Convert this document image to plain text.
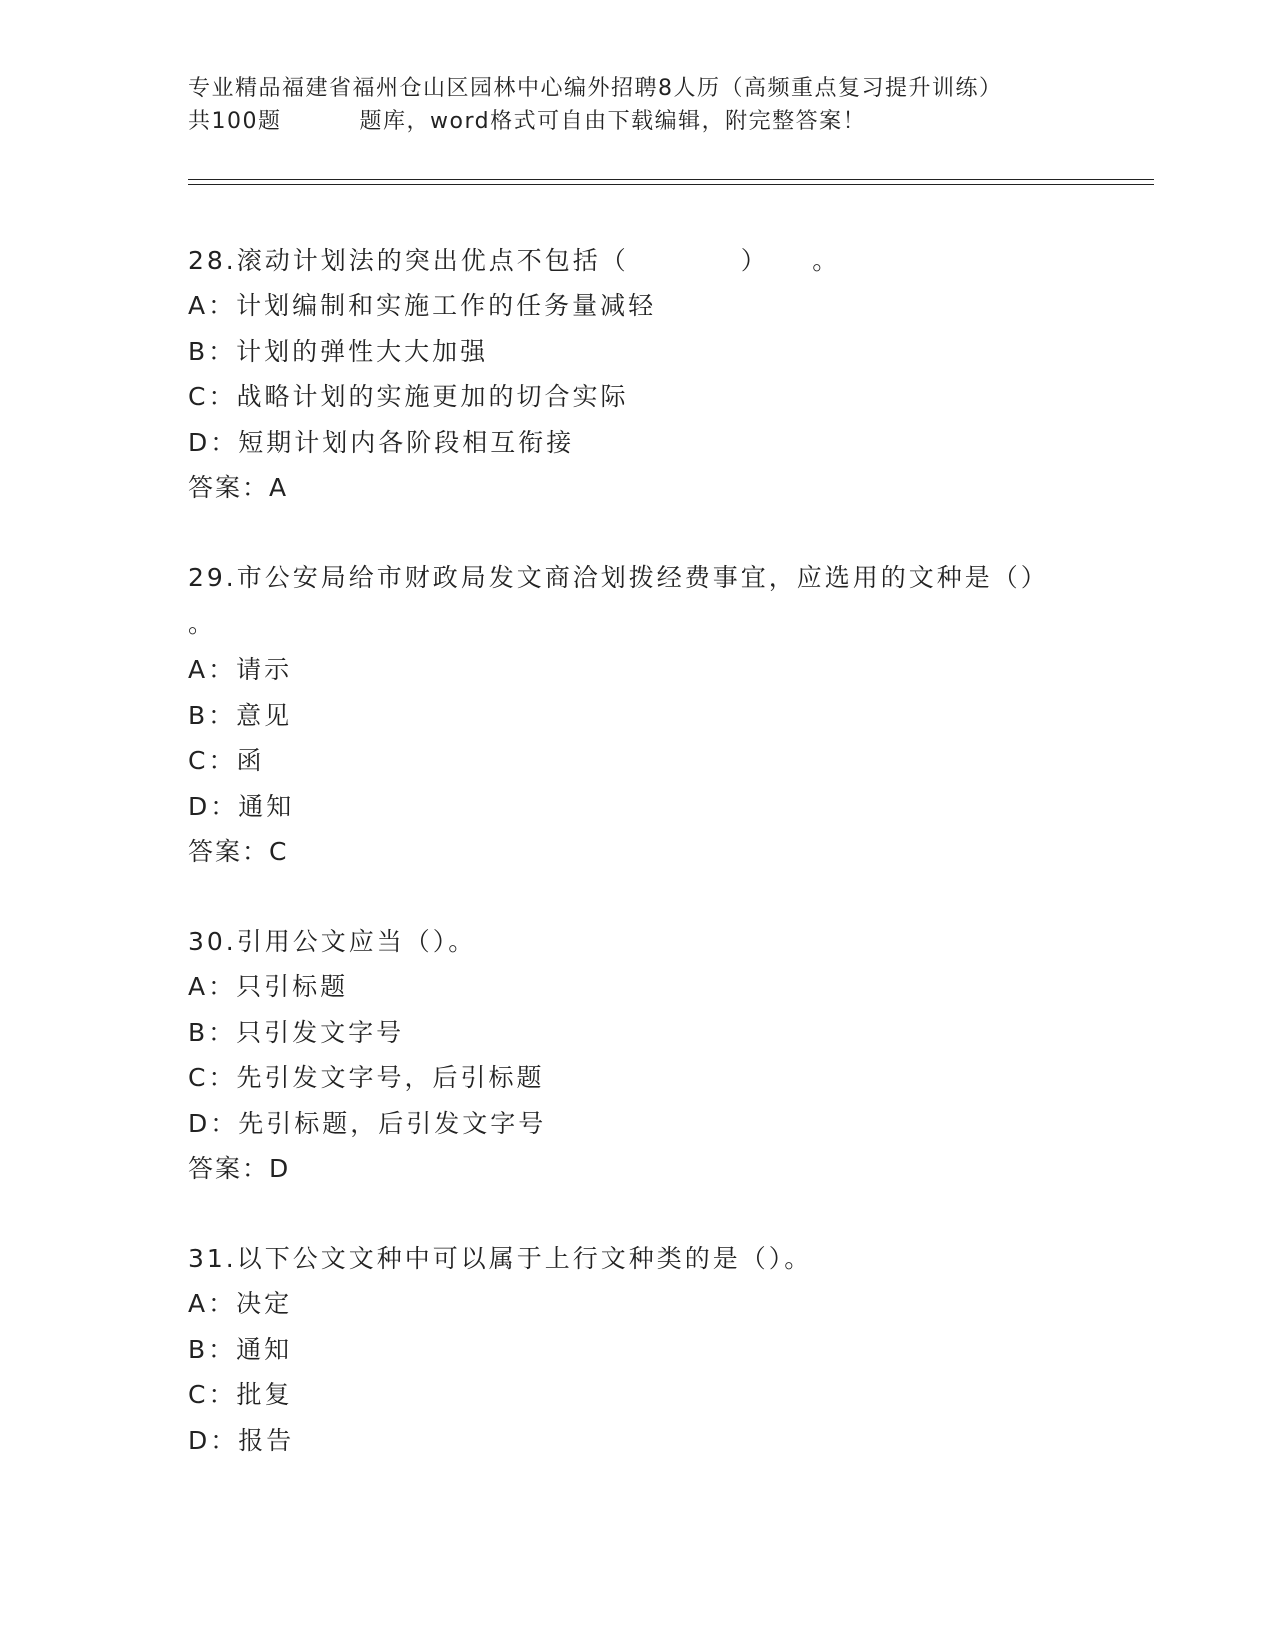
专业精品福建省福州仓山区园林中心编外招聘8人历（高频重点复习提升训练）

共100题	题库，word格式可自由下载编辑，附完整答案！
28.滚动计划法的突出优点不包括（　　　　）　　。
A：计划编制和实施工作的任务量减轻
B：计划的弹性大大加强
C：战略计划的实施更加的切合实际
D：短期计划内各阶段相互衔接
答案：A
29.市公安局给市财政局发文商洽划拨经费事宜，应选用的文种是（）
。
A：请示
B：意见
C：函
D：通知
答案：C
30.引用公文应当（）。
A：只引标题
B：只引发文字号
C：先引发文字号，后引标题
D：先引标题，后引发文字号
答案：D
31.以下公文文种中可以属于上行文种类的是（）。
A：决定
B：通知
C：批复
D：报告
